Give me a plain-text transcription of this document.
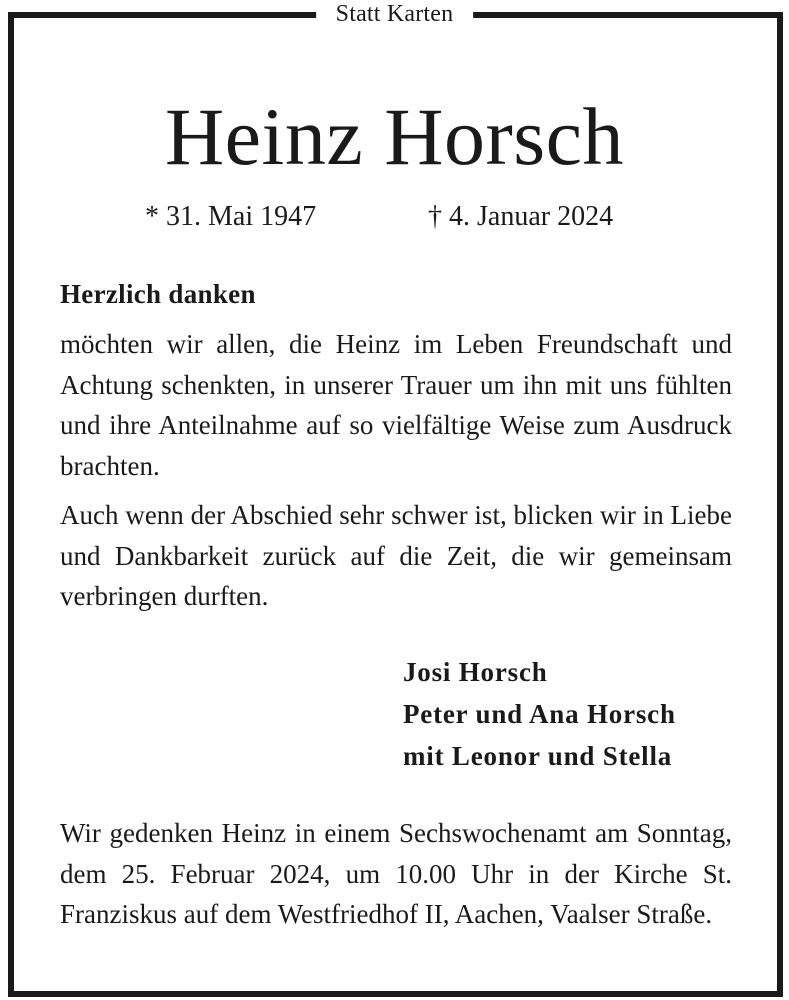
Statt Karten
Heinz Horsch
* 31. Mai 1947	† 4. Januar 2024
Herzlich danken

möchten wir allen, die Heinz im Leben Freundschaft und Achtung schenkten, in unserer Trauer um ihn mit uns fühlten und ihre Anteilnahme auf so vielfältige Weise zum Ausdruck brachten.

Auch wenn der Abschied sehr schwer ist, blicken wir in Liebe und Dankbarkeit zurück auf die Zeit, die wir gemeinsam verbringen durften.

Josi Horsch
Peter und Ana Horsch
mit Leonor und Stella

Wir gedenken Heinz in einem Sechswochenamt am Sonntag, dem 25. Februar 2024, um 10.00 Uhr in der Kirche St. Franziskus auf dem Westfriedhof II, Aachen, Vaalser Straße.
